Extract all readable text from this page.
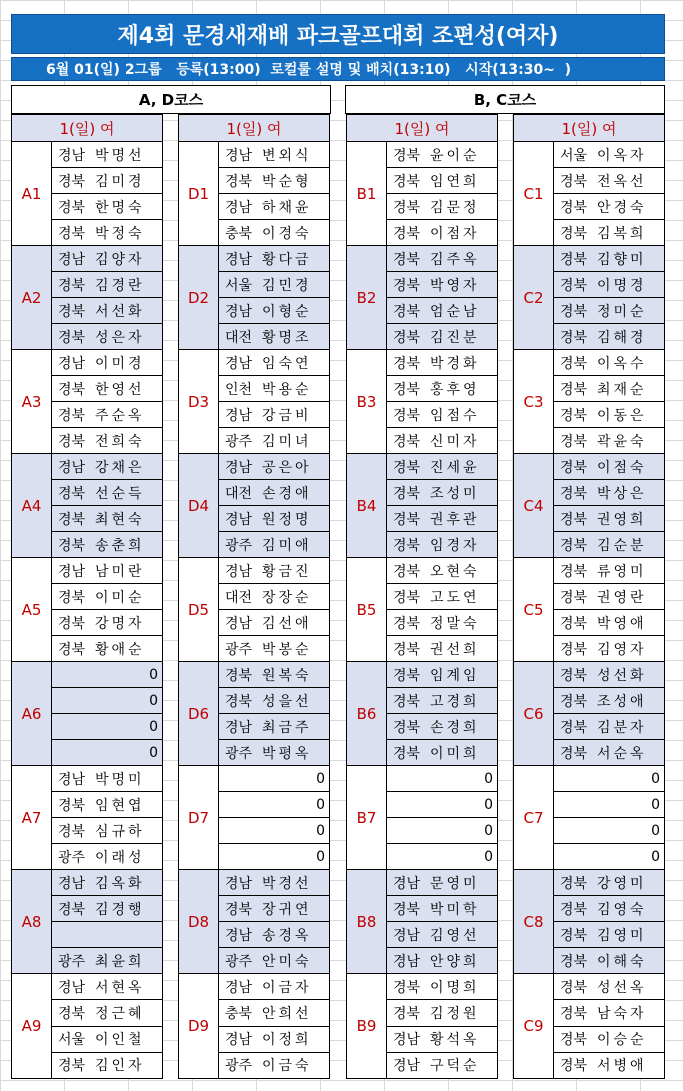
제4회 문경새재배 파크골프대회 조편성(여자)
6월 01(일) 2그룹   등록(13:00)  로컬룰 설명 및 배치(13:10)   시작(13:30~  )
A, D코스	B, C코스
1(일) 여
A1
경남 박명선
경북 김미경
경북 한명숙
경북 박정숙
A2
경남 김양자
경북 김경란
경북 서선화
경북 성은자
A3
경남 이미경
경북 한영선
경북 주순옥
경북 전희숙
A4
경남 강채은
경북 선순득
경북 최현숙
경북 송춘희
A5
경남 남미란
경북 이미순
경북 강명자
경북 황애순
A6
0
0
0
0
A7
경남 박명미
경북 임현엽
경북 심규하
광주 이래성
A8
경남 김옥화
경북 김경행
광주 최윤희
A9
경남 서현옥
경북 정근혜
서울 이인철
경북 김인자
1(일) 여
D1
경남 변외식
경북 박순형
경남 하채윤
충북 이경숙
D2
경남 황다금
서울 김민경
경남 이형순
대전 황명조
D3
경남 임숙연
인천 박용순
경남 강금비
광주 김미녀
D4
경남 공은아
대전 손경애
경남 원정명
광주 김미애
D5
경남 황금진
대전 장장순
경남 김선애
광주 박봉순
D6
경북 원복숙
경북 성을선
경남 최금주
광주 박평옥
D7
0
0
0
0
D8
경남 박경선
경북 장귀연
경남 송경옥
광주 안미숙
D9
경남 이금자
충북 안희선
경남 이정희
광주 이금숙
1(일) 여
B1
경북 윤이순
경북 임연희
경북 김문정
경북 이점자
B2
경북 김주옥
경북 박영자
경북 엄순남
경북 김진분
B3
경북 박경화
경북 홍후영
경북 임점수
경북 신미자
B4
경북 진세윤
경북 조성미
경북 권후관
경북 임경자
B5
경북 오현숙
경북 고도연
경북 정말숙
경북 권선희
B6
경북 임계임
경북 고경희
경북 손경희
경북 이미희
B7
0
0
0
0
B8
경남 문영미
경북 박미학
경남 김영선
경남 안양희
B9
경북 이명희
경북 김정원
경남 황석옥
경남 구덕순
1(일) 여
C1
서울 이옥자
경북 전옥선
경북 안경숙
경북 김복희
C2
경북 김향미
경북 이명경
경북 정미순
경북 김해경
C3
경북 이옥수
경북 최재순
경북 이동은
경북 곽윤숙
C4
경북 이점숙
경북 박상은
경북 권영희
경북 김순분
C5
경북 류영미
경북 권영란
경북 박영애
경북 김영자
C6
경북 성선화
경북 조성애
경북 김분자
경북 서순옥
C7
0
0
0
0
C8
경북 강영미
경북 김영숙
경북 김영미
경북 이해숙
C9
경북 성선옥
경북 남숙자
경북 이승순
경북 서병애
